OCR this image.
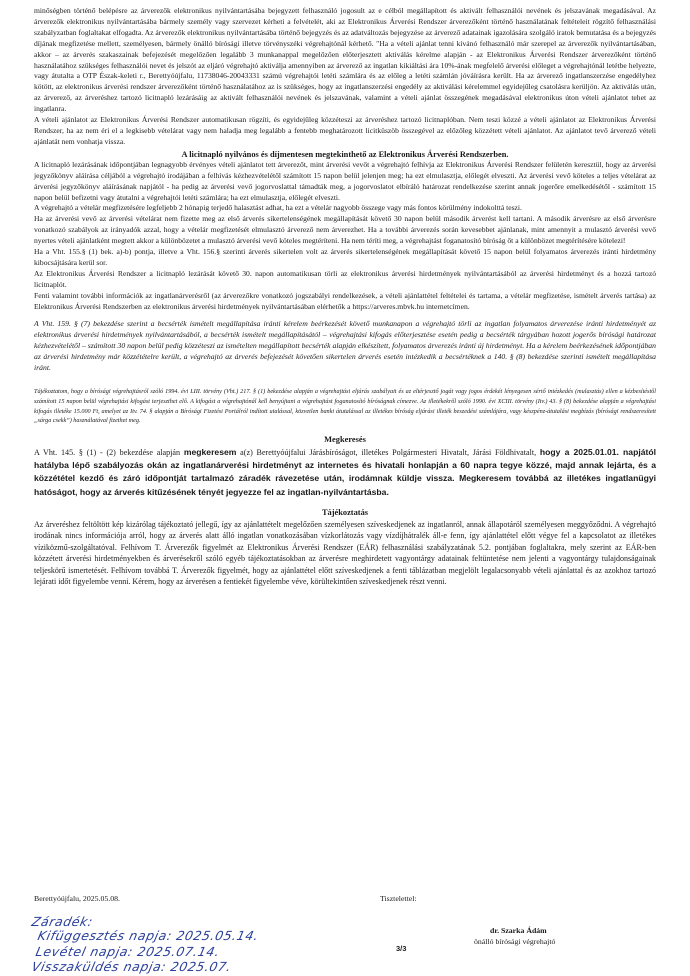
minőségben történő belépésre az árverezők elektronikus nyilvántartásába bejegyzett felhasználó jogosult az e célból megállapított és aktivált felhasználói nevének és jelszavának megadásával. Az árverezők elektronikus nyilvántartásába bármely személy vagy szervezet kérheti a felvételét, aki az Elektronikus Árverési Rendszer árverezőként történő használatának feltételeit rögzítő felhasználási szabályzatban foglaltakat elfogadta. Az árverezők elektronikus nyilvántartásába történő bejegyzés és az adatváltozás bejegyzése az árverező adatainak igazolására szolgáló iratok bemutatása és a bejegyzés díjának megfizetése mellett, személyesen, bármely önálló bírósági illetve törvényszéki végrehajtónál kérhető. "Ha a vételi ajánlat tenni kívánó felhasználó már szerepel az árverezők nyilvántartásában, akkor – az árverés szakaszainak befejezését megelőzően legalább 3 munkanappal megelőzően előterjesztett aktiválás kérelme alapján - az Elektronikus Árverési Rendszer árverezőként történő használatához szükséges felhasználói nevet és jelszót az eljáró végrehajtó aktiválja amennyiben az árverező az ingatlan kikiáltási ára 10%-ának megfelelő árverési előleget a végrehajtónál letétbe helyezte, vagy átutalta a OTP Észak-keleti r., Berettyóújfalu, 11738046-20043331 számú végrehajtói letéti számlára és az előleg a letéti számlán jóváírásra került. Ha az árverező ingatlanszerzése engedélyhez kötött, az elektronikus árverési rendszer árverezőként történő használatához az is szükséges, hogy az ingatlanszerzési engedély az aktiválási kérelemmel egyidejűleg csatolásra kerüljön. Az aktiválás után, az árverező, az árveréshez tartozó licitnapló lezárásáig az aktivált felhasználói nevének és jelszavának, valamint a vételi ajánlat összegének megadásával elektronikus úton vételi ajánlatot tehet az ingatlanra.

A vételi ajánlatot az Elektronikus Árverési Rendszer automatikusan rögzíti, és egyidejűleg közzéteszi az árveréshez tartozó licitnaplóban. Nem teszi közzé a vételi ajánlatot az Elektronikus Árverési Rendszer, ha az nem éri el a legkisebb vételárat vagy nem haladja meg legalább a fentebb meghatározott licitküszöb összegével az előzőleg közzétett vételi ajánlatot. Az ajánlatot tevő árverező vételi ajánlatát nem vonhatja vissza.

A licitnapló nyilvános és díjmentesen megtekinthető az Elektronikus Árverési Rendszerben.

A licitnapló lezárásának időpontjában legnagyobb érvényes vételi ajánlatot tett árverezőt, mint árverési vevőt a végrehajtó felhívja az Elektronikus Árverési Rendszer felületén keresztül, hogy az árverési jegyzőkönyv aláírása céljából a végrehajtó irodájában a felhívás kézhezvételétől számított 15 napon belül jelenjen meg; ha ezt elmulasztja, előlegét elveszti. Az árverési vevő köteles a teljes vételárat az árverési jegyzőkönyv aláírásának napjától - ha pedig az árverési vevő jogorvoslattal támadták meg, a jogorvoslatot elbíráló határozat rendelkezése szerint annak jogerőre emelkedésétől - számított 15 napon belül befizetni vagy átutalni a végrehajtói letéti számlára; ha ezt elmulasztja, előlegét elveszti.

A végrehajtó a vételár megfizetésére legfeljebb 2 hónapig terjedő halasztást adhat, ha ezt a vételár nagyobb összege vagy más fontos körülmény indokolttá teszi.

Ha az árverési vevő az árverési vételárat nem fizette meg az első árverés sikertelenségének megállapítását követő 30 napon belül második árverést kell tartani. A második árverésre az első árverésre vonatkozó szabályok az irányadók azzal, hogy a vételár megfizetését elmulasztó árverező nem árverezhet. Ha a további árverezés során kevesebbet ajánlanak, mint amennyit a mulasztó árverési vevő nyertes vételi ajánlatként megtett akkor a különbözetet a mulasztó árverési vevő köteles megtéríteni. Ha nem téríti meg, a végrehajtást foganatosító bíróság őt a különbözet megtérítésére kötelezi!

Ha a Vht. 155.§ (1) bek. a)-b) pontja, illetve a Vht. 156.§ szerinti árverés sikertelen volt az árverés sikertelenségének megállapítását követő 15 napon belül folyamatos árverezés iránti hirdetmény kibocsájtására kerül sor.

Az Elektronikus Árverési Rendszer a licitnapló lezárását követő 30. napon automatikusan törli az elektronikus árverési hirdetmények nyilvántartásából az árverési hirdetményt és a hozzá tartozó licitnaplót.

Fenti valamint további információk az ingatlanárverésről (az árverezőkre vonatkozó jogszabályi rendelkezések, a vételi ajánlattétel feltételei és tartama, a vételár megfizetése, ismételt árverés tartása) az Elektronikus Árverési Rendszerben az elektronikus árverési hirdetmények nyilvántartásában elérhetők a https://arveres.mbvk.hu internetcímen.

A Vht. 159. § (7) bekezdése szerint a becsérték ismételt megállapítása iránti kérelem beérkezését követő munkanapon a végrehajtó törli az ingatlan folyamatos árverezése iránti hirdetményét az elektronikus árverési hirdetmények nyilvántartásából, a becsérték ismételt megállapításától – végrehajtási kifogás előterjesztése esetén pedig a becsérték tárgyában hozott jogerős bírósági határozat kézhezvételétől – számított 30 napon belül pedig közzéteszi az ismételten megállapított becsérték alapján elkészített, folyamatos árverezés iránti új hirdetményt. Ha a kérelem beérkezésének időpontjában az árverési hirdetmény már közzétételre került, a végrehajtó az árverés befejezését követően sikertelen árverés esetén intézkedik a becsértéknek a 140. § (8) bekezdése szerinti ismételt megállapítása iránt.

Tájékoztatom, hogy a bírósági végrehajtásról szóló 1994. évi LIII. törvény (Vht.) 217. § (1) bekezdése alapján a végrehajtási eljárás szabályait és az eltérjesztő jogát vagy jogos érdekét lényegesen sértő intézkedés (mulasztás) ellen a kézbesítéstől számított 15 napon belül végrehajtási kifogást terjeszthet elő. A kifogást a végrehajtónál kell benyújtani a végrehajtást foganatosító bíróságnak címezve. Az illetékekről szóló 1990. évi XCIII. törvény (Itv.) 43. § (8) bekezdése alapján a végrehajtási kifogás illetéke 15.000 Ft, amelyet az Itv. 74. § alapján a Bírósági Fizetési Portálról indított utalással, közvetlen banki átutalással az illetékes bíróság eljárási illeték beszedési számlájára, vagy készpénz-átutalási megbízás (bírósági rendszeresített „sárga csekk”) használatával fizethet meg.

Megkeresés

A Vht. 145. § (1) - (2) bekezdése alapján megkeresem a(z) Berettyóújfalui Járásbíróságot, illetékes Polgármesteri Hivatalt, Járási Földhivatalt, hogy a 2025.01.01. napjától hatályba lépő szabályozás okán az ingatlanárverési hirdetményt az internetes és hivatali honlapján a 60 napra tegye közzé, majd annak lejárta, és a közzététel kezdő és záró időpontját tartalmazó záradék rávezetése után, irodámnak küldje vissza. Megkeresem továbbá az illetékes ingatlanügyi hatóságot, hogy az árverés kitűzésének tényét jegyezze fel az ingatlan-nyilvántartásba.

Tájékoztatás

Az árveréshez feltöltött kép kizárólag tájékoztató jellegű, így az ajánlattételt megelőzően személyesen szíveskedjenek az ingatlanról, annak állapotáról személyesen meggyőződni. A végrehajtó irodának nincs információja arról, hogy az árverés alatt álló ingatlan vonatkozásában vízkorlátozás vagy vízdíjhátralék áll-e fenn, így ajánlattétel előtt végye fel a kapcsolatot az illetékes víziközmű-szolgáltatóval. Felhívom T. Árverezők figyelmét az Elektronikus Árverési Rendszer (EÁR) felhasználási szabályzatának 5.2. pontjában foglaltakra, mely szerint az EÁR-ben közzétett árverési hirdetményekben és árverésekről szóló egyéb tájékoztatásokban az árverésre meghirdetett vagyontárgy adatainak feltüntetése nem jelenti a vagyontárgy tulajdonságainak teljeskörű ismertetését. Felhívom továbbá T. Árverezők figyelmét, hogy az ajánlattétel előtt szíveskedjenek a fenti táblázatban megjelölt legalacsonyabb vételi ajánlattal és az azokhoz tartozó lejárati időt figyelembe venni. Kérem, hogy az árverésen a fentiekét figyelembe véve, körültekintően szíveskedjenek részt venni.

Berettyóújfalu, 2025.05.08.	Tisztelettel:
dr. Szarka Ádám
önálló bírósági végrehajtó
3/3
Záradék:
Kifüggesztés napja: 2025.05.14.
Levétel napja: 2025.07.14.
Visszaküldés napja: 2025.07.
